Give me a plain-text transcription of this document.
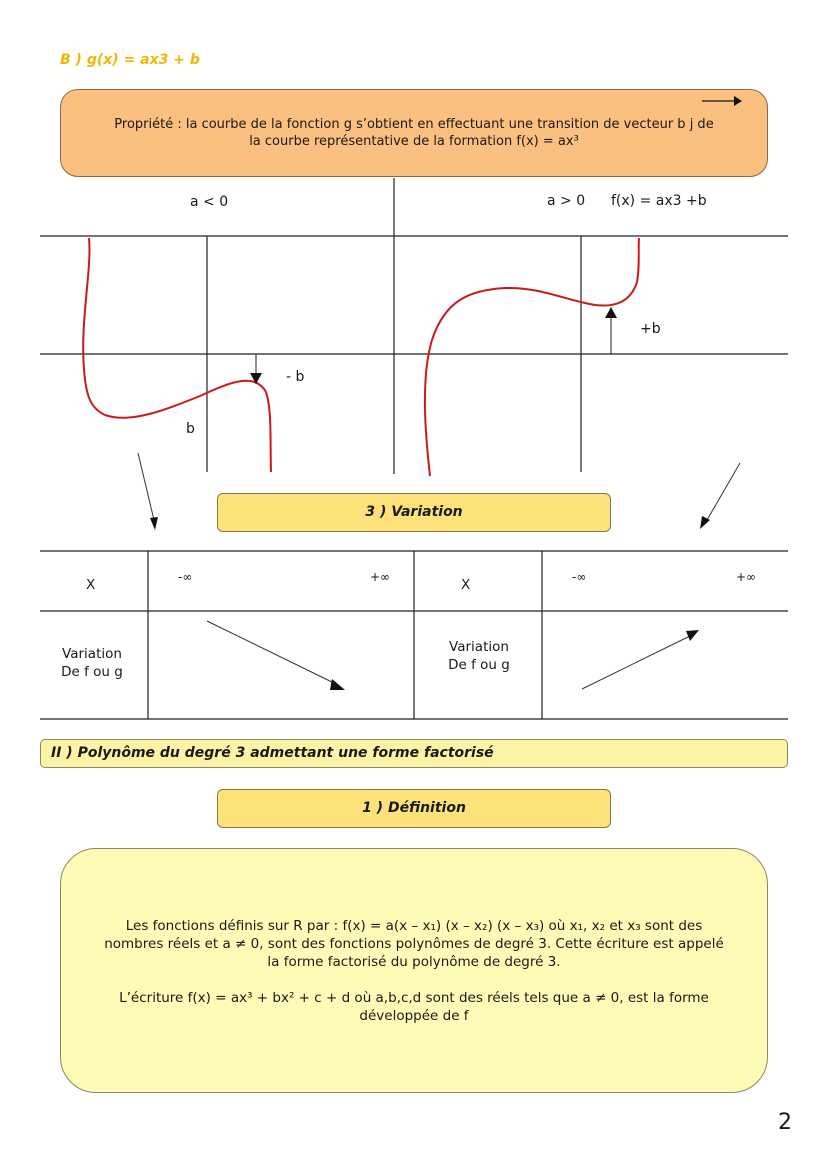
B ) g(x) = ax3 + b
Propriété : la courbe de la fonction g s’obtient en effectuant une transition de vecteur b j de
la courbe représentative de la formation f(x) = ax³
a < 0	a > 0 f(x) = ax3 +b
- b
b
+b
3 ) Variation
X	-∞	+∞	X	-∞	+∞
Variation
De f ou g
Variation
De f ou g
II ) Polynôme du degré 3 admettant une forme factorisé
1 ) Définition

Les fonctions définis sur R par : f(x) = a(x – x₁) (x – x₂) (x – x₃) où x₁, x₂ et x₃ sont des

nombres réels et a ≠ 0, sont des fonctions polynômes de degré 3. Cette écriture est appelé

la forme factorisé du polynôme de degré 3.

L’écriture f(x) = ax³ + bx² + c + d où a,b,c,d sont des réels tels que a ≠ 0, est la forme

développée de f

2
